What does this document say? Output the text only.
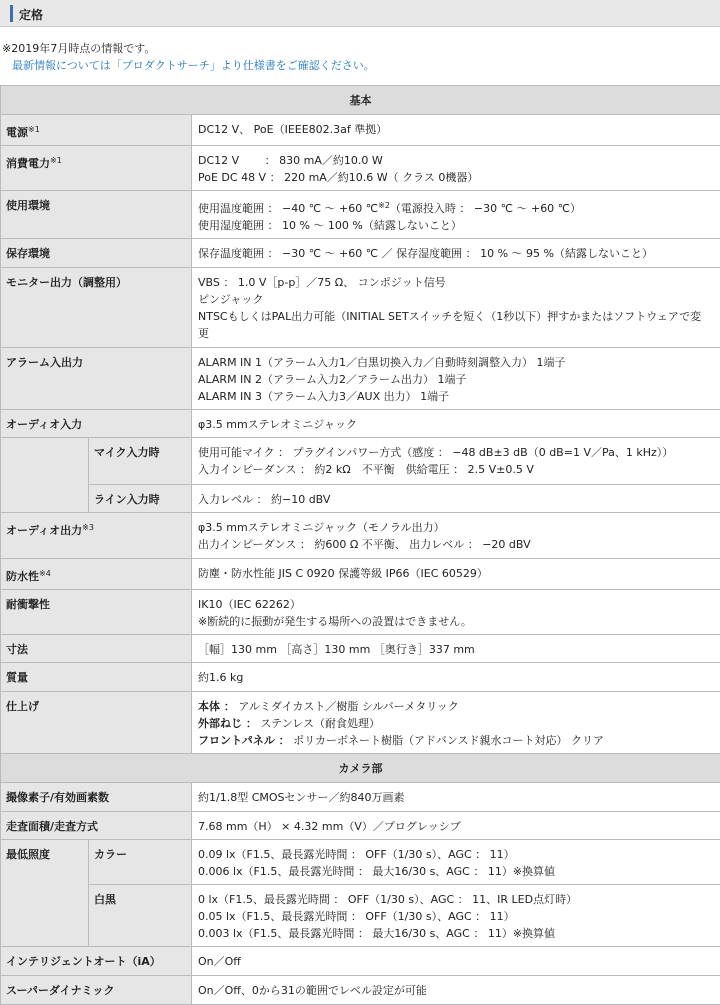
定格
※2019年7月時点の情報です。
最新情報については「プロダクトサーチ」より仕様書をご確認ください。
基本		
電源$^{※1}$		DC12 V、 PoE（IEEE802.3af 準拠）

消費電力$^{※1}$		DC12 V　　 ： 830 mA／約10.0 W
PoE DC 48 V ： 220 mA／約10.6 W（ クラス 0機器）

使用環境		使用温度範囲 ： −40 ℃ ～ +60 ℃$^{※2}$（電源投入時 ： −30 ℃ ～ +60 ℃）
使用湿度範囲 ： 10 % ～ 100 %（結露しないこと）

保存環境		保存温度範囲 ： −30 ℃ ～ +60 ℃ ／ 保存湿度範囲 ： 10 % ～ 95 %（結露しないこと）

モニター出力（調整用）		VBS ： 1.0 V［p-p］／75 Ω、 コンポジット信号
ピンジャック
NTSCもしくはPAL出力可能（INITIAL SETスイッチを短く（1秒以下）押すかまたはソフトウェアで変
更

アラーム入出力		ALARM IN 1（アラーム入力1／白黒切換入力／自動時刻調整入力） 1端子
ALARM IN 2（アラーム入力2／アラーム出力） 1端子
ALARM IN 3（アラーム入力3／AUX 出力） 1端子

オーディオ入力		φ3.5 mmステレオミニジャック

	マイク入力時	使用可能マイク ： プラグインパワー方式（感度 ： −48 dB±3 dB（0 dB=1 V／Pa、1 kHz））
入力インピーダンス ： 約2 kΩ　不平衡　供給電圧 ： 2.5 V±0.5 V

	ライン入力時	入力レベル ： 約−10 dBV

オーディオ出力$^{※3}$		φ3.5 mmステレオミニジャック（モノラル出力）
出力インピーダンス ： 約600 Ω 不平衡、 出力レベル ： −20 dBV

防水性$^{※4}$		防塵・防水性能 JIS C 0920 保護等級 IP66（IEC 60529）

耐衝撃性		IK10（IEC 62262）
※断続的に振動が発生する場所への設置はできません。

寸法		［幅］130 mm ［高さ］130 mm ［奥行き］337 mm

質量		約1.6 kg

仕上げ		本体 ： アルミダイカスト／樹脂 シルバーメタリック
外部ねじ ： ステンレス（耐食処理）
フロントパネル ： ポリカーボネート樹脂（アドバンスド親水コート対応） クリア

カメラ部		
撮像素子/有効画素数		約1/1.8型 CMOSセンサー／約840万画素

走査面積/走査方式		7.68 mm（H） × 4.32 mm（V）／プログレッシブ

最低照度	カラー	0.09 lx（F1.5、最長露光時間 ： OFF（1/30 s）、AGC ： 11）
0.006 lx（F1.5、最長露光時間 ： 最大16/30 s、AGC ： 11）※換算値

	白黒	0 lx（F1.5、最長露光時間 ： OFF（1/30 s）、AGC ： 11、IR LED点灯時）
0.05 lx（F1.5、最長露光時間 ： OFF（1/30 s）、AGC ： 11）
0.003 lx（F1.5、最長露光時間 ： 最大16/30 s、AGC ： 11）※換算値

インテリジェントオート（iA）		On／Off

スーパーダイナミック		On／Off、0から31の範囲でレベル設定が可能
